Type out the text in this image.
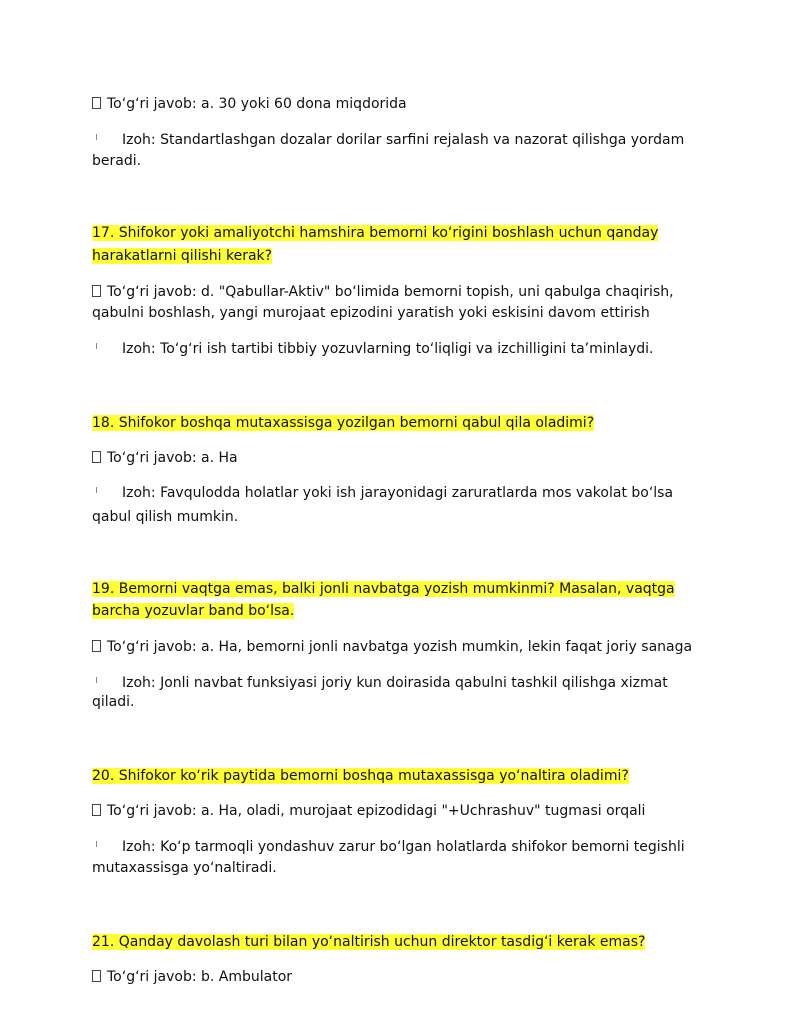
To‘g‘ri javob: a. 30 yoki 60 dona miqdorida
Izoh: Standartlashgan dozalar dorilar sarfini rejalash va nazorat qilishga yordam
beradi.
17. Shifokor yoki amaliyotchi hamshira bemorni ko‘rigini boshlash uchun qanday
harakatlarni qilishi kerak?
To‘g‘ri javob: d. "Qabullar-Aktiv" bo‘limida bemorni topish, uni qabulga chaqirish,
qabulni boshlash, yangi murojaat epizodini yaratish yoki eskisini davom ettirish
Izoh: To‘g‘ri ish tartibi tibbiy yozuvlarning to‘liqligi va izchilligini ta’minlaydi.
18. Shifokor boshqa mutaxassisga yozilgan bemorni qabul qila oladimi?
To‘g‘ri javob: a. Ha
Izoh: Favqulodda holatlar yoki ish jarayonidagi zaruratlarda mos vakolat bo‘lsa
qabul qilish mumkin.
19. Bemorni vaqtga emas, balki jonli navbatga yozish mumkinmi? Masalan, vaqtga
barcha yozuvlar band bo‘lsa.
To‘g‘ri javob: a. Ha, bemorni jonli navbatga yozish mumkin, lekin faqat joriy sanaga
Izoh: Jonli navbat funksiyasi joriy kun doirasida qabulni tashkil qilishga xizmat
qiladi.
20. Shifokor ko‘rik paytida bemorni boshqa mutaxassisga yo‘naltira oladimi?
To‘g‘ri javob: a. Ha, oladi, murojaat epizodidagi "+Uchrashuv" tugmasi orqali
Izoh: Ko‘p tarmoqli yondashuv zarur bo‘lgan holatlarda shifokor bemorni tegishli
mutaxassisga yo‘naltiradi.
21. Qanday davolash turi bilan yo‘naltirish uchun direktor tasdig‘i kerak emas?
To‘g‘ri javob: b. Ambulator
